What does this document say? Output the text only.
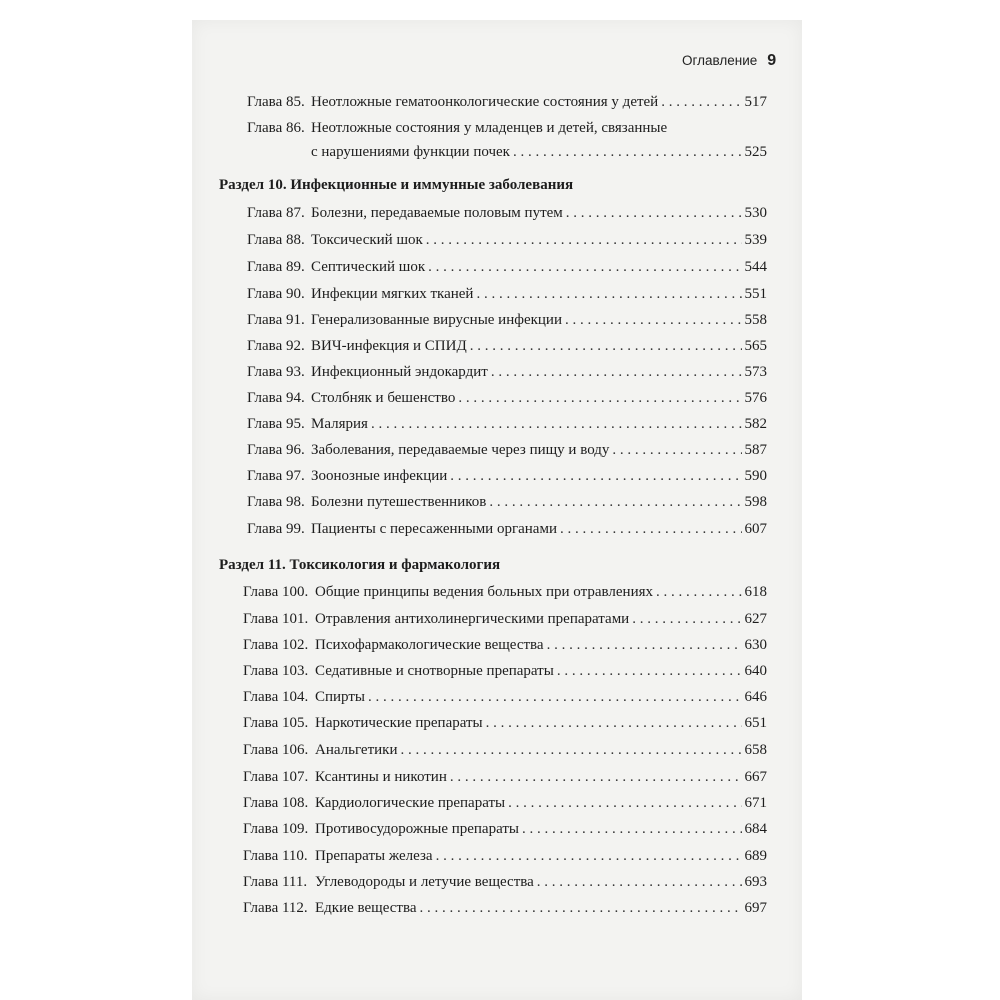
Оглавление 9
Глава 85. Неотложные гематоонкологические состояния у детей . . .	517
Глава 86. Неотложные состояния у младенцев и детей, связанные
с нарушениями функции почек . . .	525
Раздел 10. Инфекционные и иммунные заболевания
Глава 87. Болезни, передаваемые половым путем . . .	530
Глава 88. Токсический шок . . .	539
Глава 89. Септический шок . . .	544
Глава 90. Инфекции мягких тканей . . .	551
Глава 91. Генерализованные вирусные инфекции . . .	558
Глава 92. ВИЧ-инфекция и СПИД . . .	565
Глава 93. Инфекционный эндокардит . . .	573
Глава 94. Столбняк и бешенство . . .	576
Глава 95. Малярия . . .	582
Глава 96. Заболевания, передаваемые через пищу и воду . . .	587
Глава 97. Зоонозные инфекции . . .	590
Глава 98. Болезни путешественников . . .	598
Глава 99. Пациенты с пересаженными органами . . .	607
Раздел 11. Токсикология и фармакология
Глава 100. Общие принципы ведения больных при отравлениях . . .	618
Глава 101. Отравления антихолинергическими препаратами . . .	627
Глава 102. Психофармакологические вещества . . .	630
Глава 103. Седативные и снотворные препараты . . .	640
Глава 104. Спирты . . .	646
Глава 105. Наркотические препараты . . .	651
Глава 106. Анальгетики . . .	658
Глава 107. Ксантины и никотин . . .	667
Глава 108. Кардиологические препараты . . .	671
Глава 109. Противосудорожные препараты . . .	684
Глава 110. Препараты железа . . .	689
Глава 111. Углеводороды и летучие вещества . . .	693
Глава 112. Едкие вещества . . .	697
